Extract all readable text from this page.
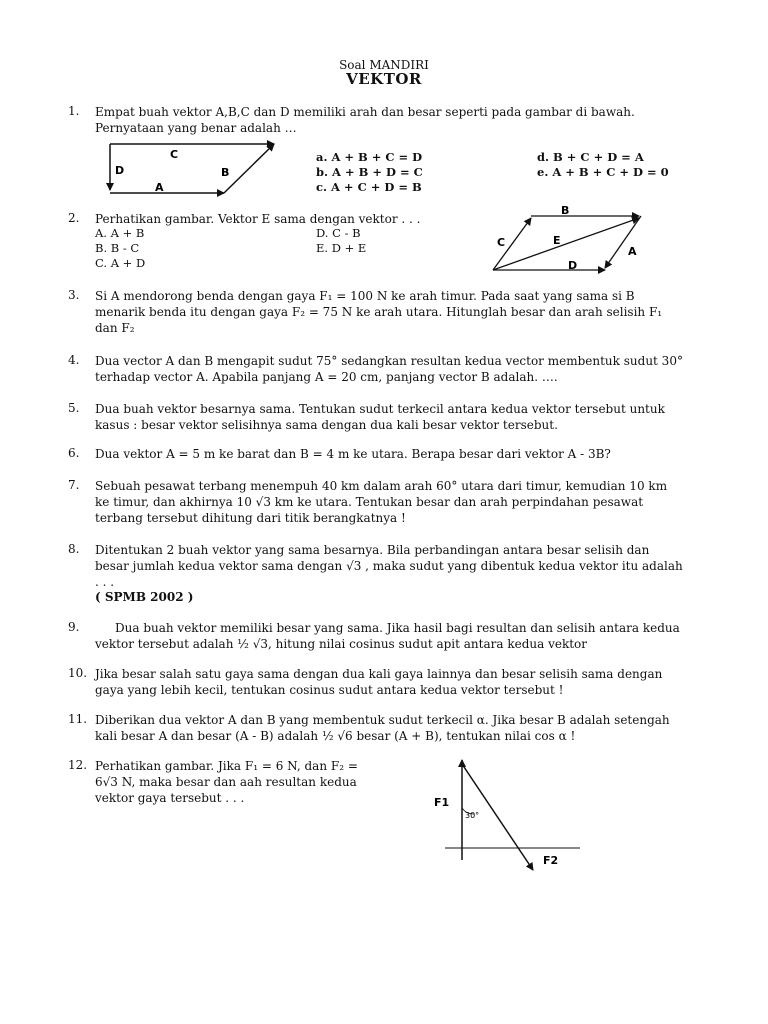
Soal MANDIRI
VEKTOR
1.	Empat buah vektor A,B,C dan D memiliki arah dan besar seperti pada gambar di bawah. Pernyataan yang benar adalah …
C
D	B
A
a. A + B + C = D
b. A + B + D = C
c. A + C + D = B
d. B + C + D = A
e. A + B + C + D = 0
2.	Perhatikan gambar. Vektor E sama dengan vektor . . .
A. A + B
B. B - C
C. A + D
D. C - B
E. D + E
B
C	E
A
D
3.	Si A mendorong benda dengan gaya F₁ = 100 N ke arah timur. Pada saat yang sama si B menarik benda itu dengan gaya F₂ = 75 N ke arah utara. Hitunglah besar dan arah selisih F₁ dan F₂
4.	Dua vector A dan B mengapit sudut 75° sedangkan resultan kedua vector membentuk sudut 30° terhadap vector A. Apabila panjang A = 20 cm, panjang vector B adalah. ….
5.	Dua buah vektor besarnya sama. Tentukan sudut terkecil antara kedua vektor tersebut untuk kasus : besar vektor selisihnya sama dengan dua kali besar vektor tersebut.
6.	Dua vektor A = 5 m ke barat dan B = 4 m ke utara. Berapa besar dari vektor A - 3B?
7.	Sebuah pesawat terbang menempuh 40 km dalam arah 60° utara dari timur, kemudian 10 km ke timur, dan akhirnya 10 √3 km ke utara. Tentukan besar dan arah perpindahan pesawat terbang tersebut dihitung dari titik berangkatnya !
8.	Ditentukan 2 buah vektor yang sama besarnya. Bila perbandingan antara besar selisih dan besar jumlah kedua vektor sama dengan √3 , maka sudut yang dibentuk kedua vektor itu adalah . . .
( SPMB 2002 )
9.	Dua buah vektor memiliki besar yang sama. Jika hasil bagi resultan dan selisih antara kedua vektor tersebut adalah ½ √3, hitung nilai cosinus sudut apit antara kedua vektor
10. Jika besar salah satu gaya sama dengan dua kali gaya lainnya dan besar selisih sama dengan gaya yang lebih kecil, tentukan cosinus sudut antara kedua vektor tersebut !
11. Diberikan dua vektor A dan B yang membentuk sudut terkecil α. Jika besar B adalah setengah kali besar A dan besar (A - B) adalah ½ √6 besar (A + B), tentukan nilai cos α !
12. Perhatikan gambar. Jika F₁ = 6 N, dan F₂ = 6√3 N, maka besar dan aah resultan kedua vektor gaya tersebut . . .	F1
30°
F2
